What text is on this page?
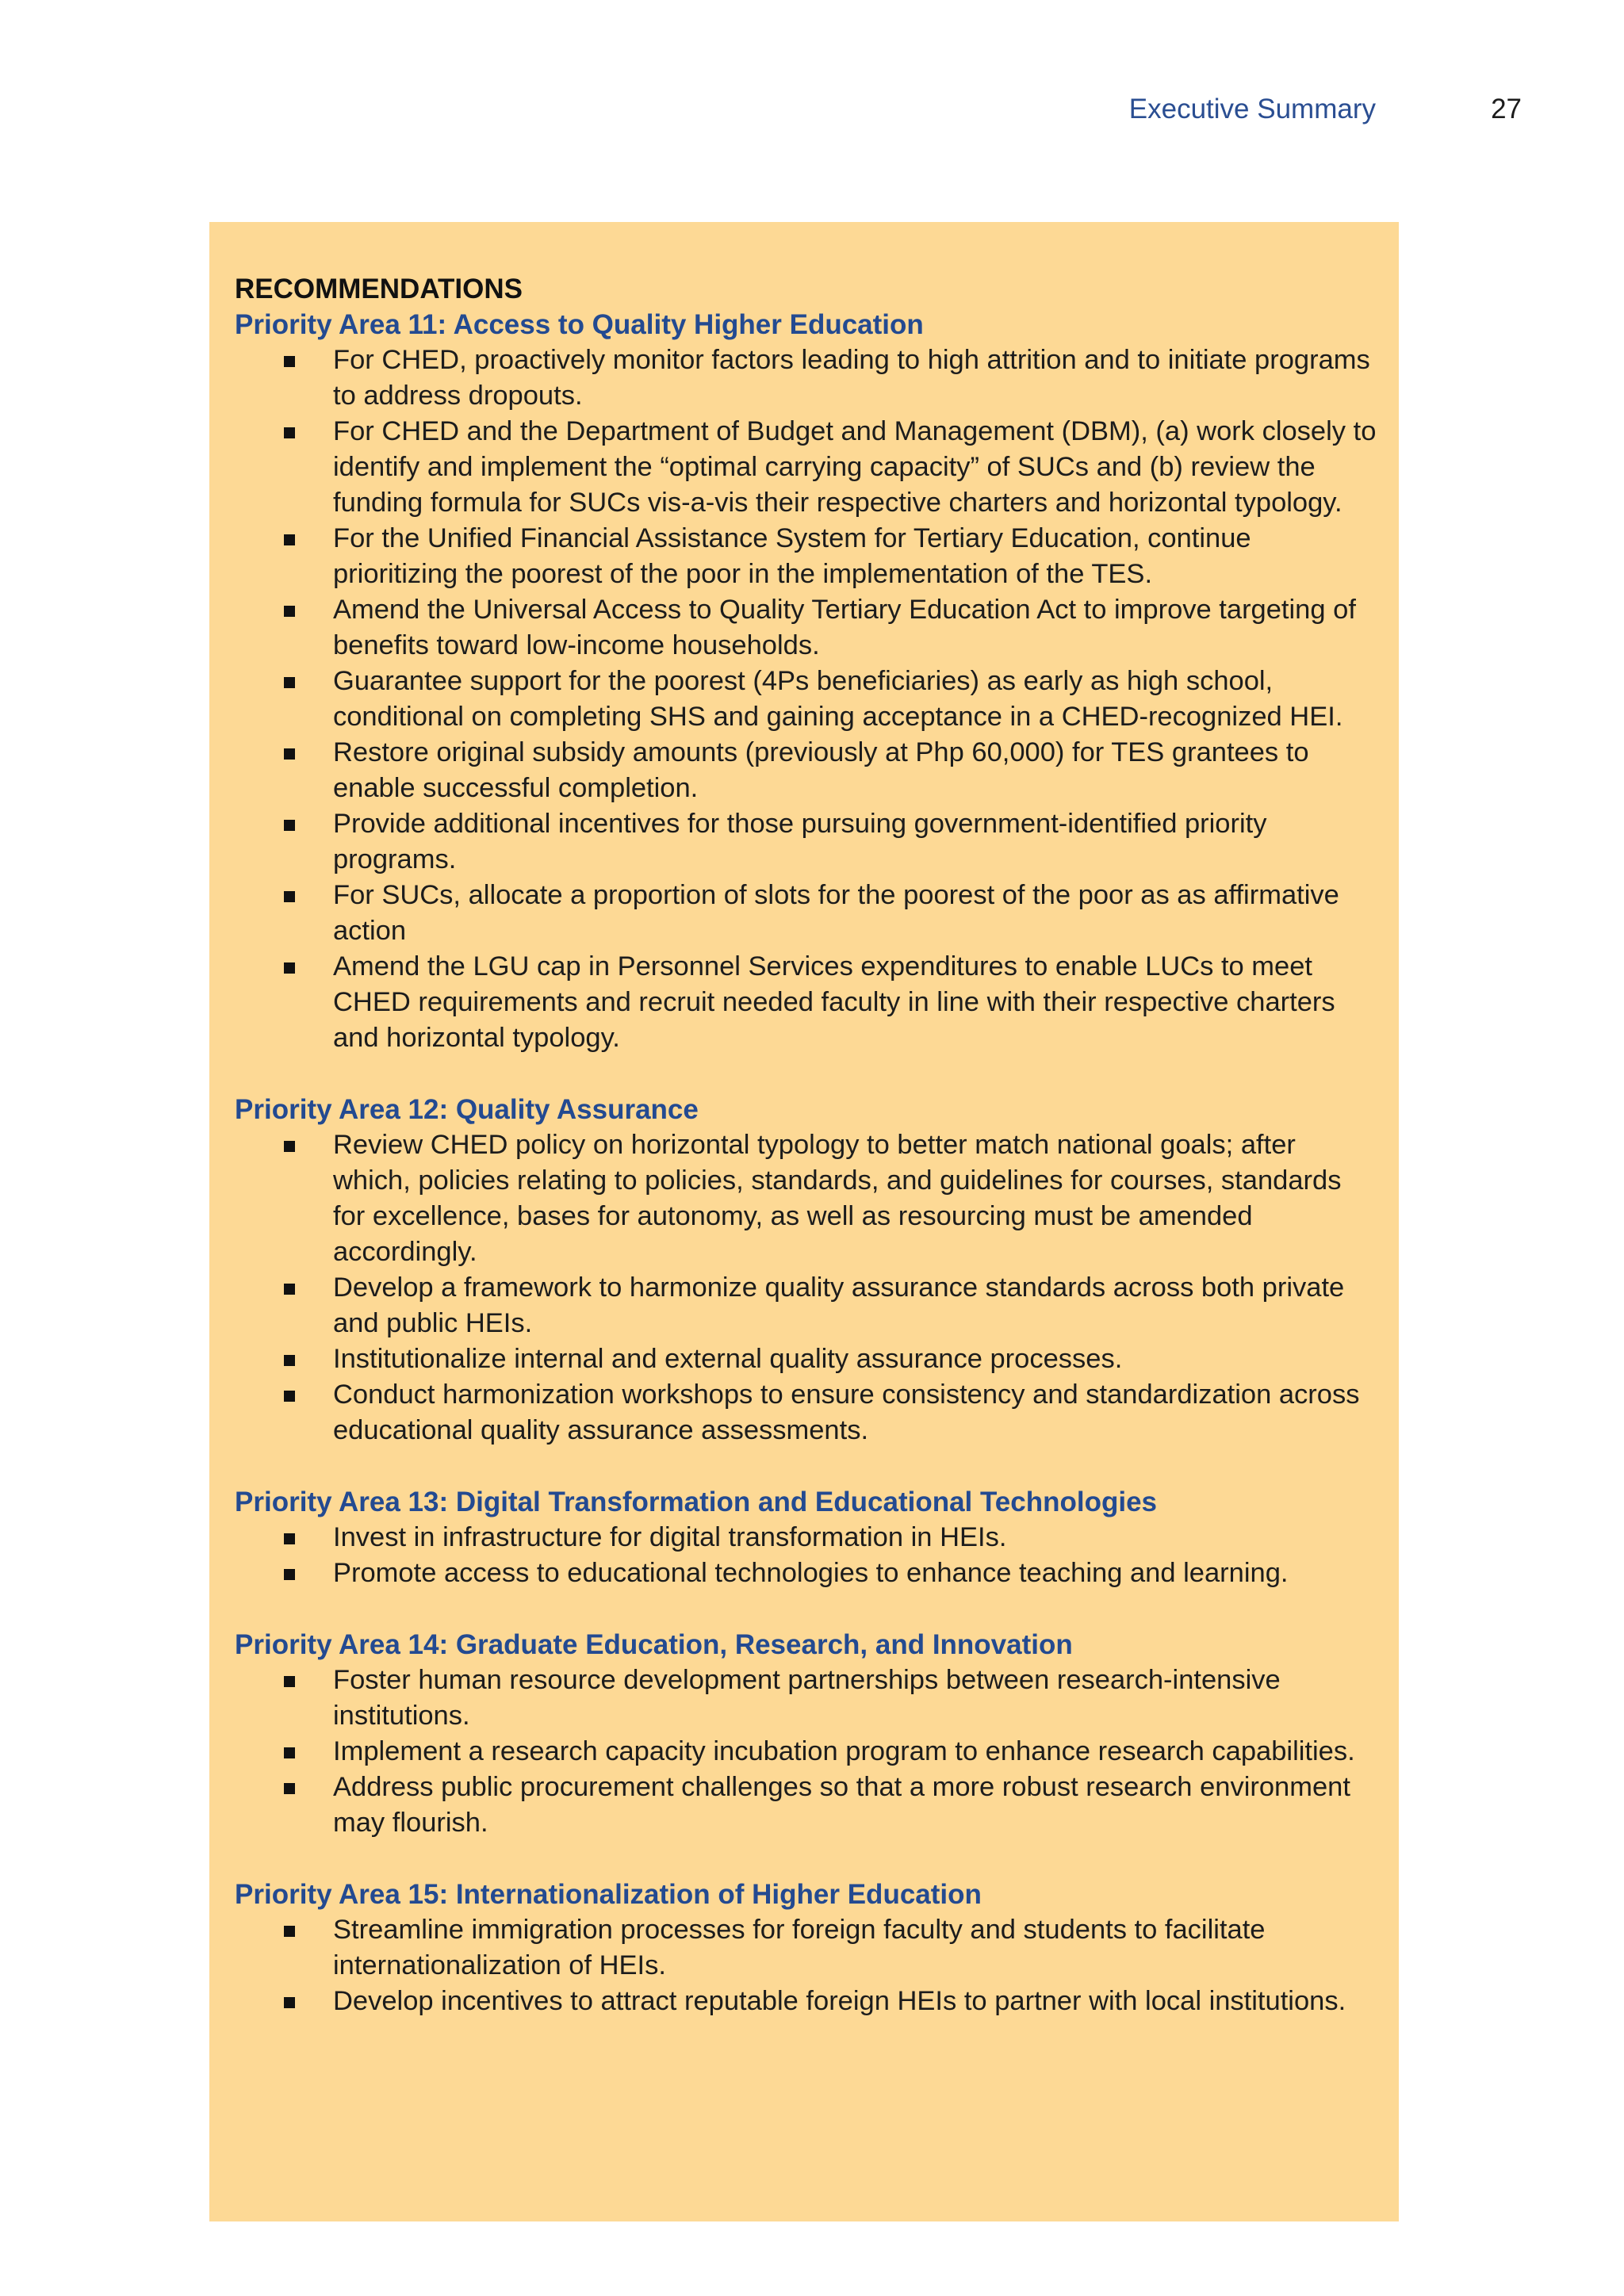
Executive Summary	27
RECOMMENDATIONS
Priority Area 11: Access to Quality Higher Education
For CHED, proactively monitor factors leading to high attrition and to initiate programs to address dropouts.
For CHED and the Department of Budget and Management (DBM), (a) work closely to identify and implement the “optimal carrying capacity” of SUCs and (b) review the funding formula for SUCs vis-a-vis their respective charters and horizontal typology.
For the Unified Financial Assistance System for Tertiary Education, continue prioritizing the poorest of the poor in the implementation of the TES.
Amend the Universal Access to Quality Tertiary Education Act to improve targeting of benefits toward low-income households.
Guarantee support for the poorest (4Ps beneficiaries) as early as high school, conditional on completing SHS and gaining acceptance in a CHED-recognized HEI.
Restore original subsidy amounts (previously at Php 60,000) for TES grantees to enable successful completion.
Provide additional incentives for those pursuing government-identified priority programs.
For SUCs, allocate a proportion of slots for the poorest of the poor as as affirmative action
Amend the LGU cap in Personnel Services expenditures to enable LUCs to meet CHED requirements and recruit needed faculty in line with their respective charters and horizontal typology.
Priority Area 12: Quality Assurance
Review CHED policy on horizontal typology to better match national goals; after which, policies relating to policies, standards, and guidelines for courses, standards for excellence, bases for autonomy, as well as resourcing must be amended accordingly.
Develop a framework to harmonize quality assurance standards across both private and public HEIs.
Institutionalize internal and external quality assurance processes.
Conduct harmonization workshops to ensure consistency and standardization across educational quality assurance assessments.
Priority Area 13: Digital Transformation and Educational Technologies
Invest in infrastructure for digital transformation in HEIs.
Promote access to educational technologies to enhance teaching and learning.
Priority Area 14: Graduate Education, Research, and Innovation
Foster human resource development partnerships between research-intensive institutions.
Implement a research capacity incubation program to enhance research capabilities.
Address public procurement challenges so that a more robust research environment may flourish.
Priority Area 15: Internationalization of Higher Education
Streamline immigration processes for foreign faculty and students to facilitate internationalization of HEIs.
Develop incentives to attract reputable foreign HEIs to partner with local institutions.
